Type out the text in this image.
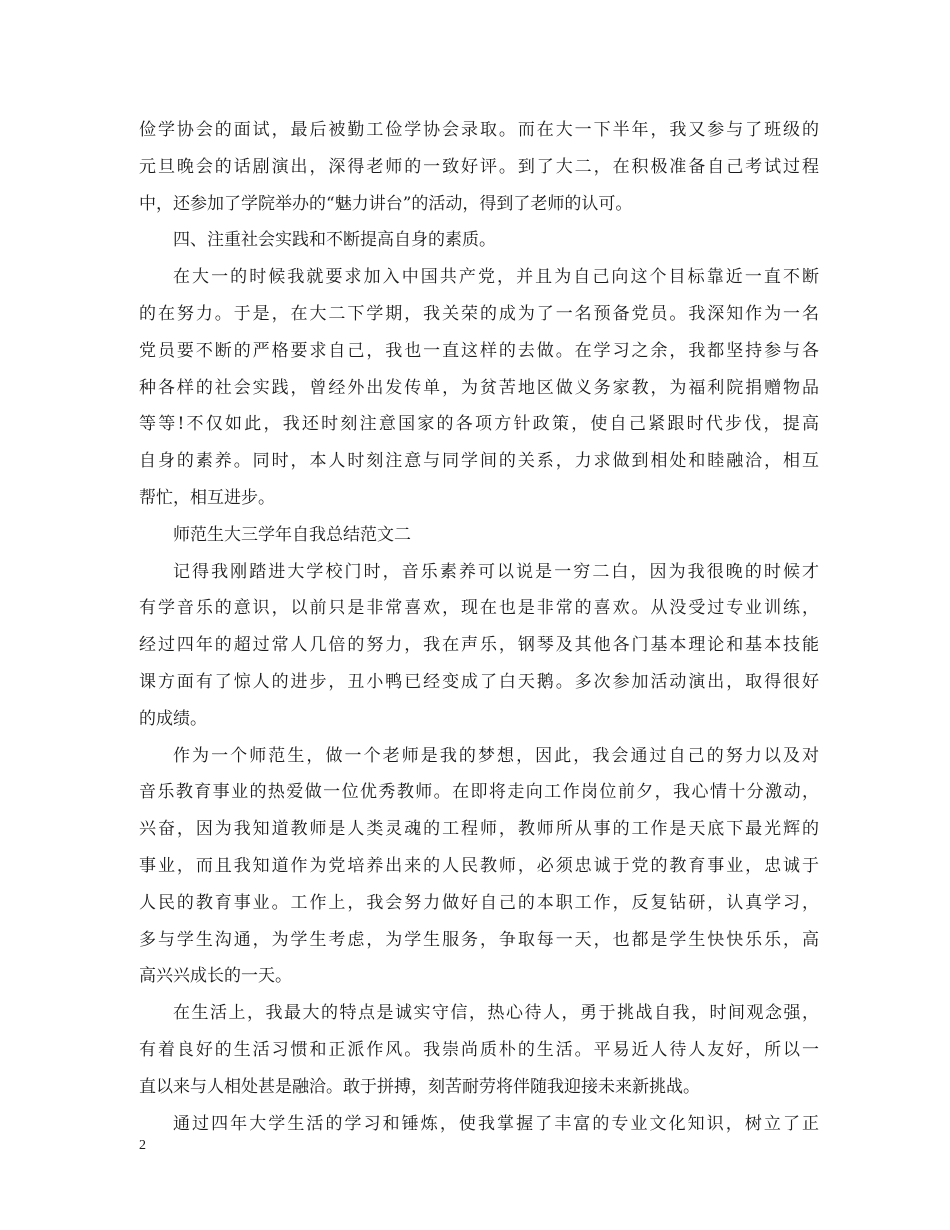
俭学协会的面试，最后被勤工俭学协会录取。而在大一下半年，我又参与了班级的
元旦晚会的话剧演出，深得老师的一致好评。到了大二，在积极准备自己考试过程
中，还参加了学院举办的“魅力讲台”的活动，得到了老师的认可。
四、注重社会实践和不断提高自身的素质。
在大一的时候我就要求加入中国共产党，并且为自己向这个目标靠近一直不断
的在努力。于是，在大二下学期，我关荣的成为了一名预备党员。我深知作为一名
党员要不断的严格要求自己，我也一直这样的去做。在学习之余，我都坚持参与各
种各样的社会实践，曾经外出发传单，为贫苦地区做义务家教，为福利院捐赠物品
等等!不仅如此，我还时刻注意国家的各项方针政策，使自己紧跟时代步伐，提高
自身的素养。同时，本人时刻注意与同学间的关系，力求做到相处和睦融洽，相互
帮忙，相互进步。
师范生大三学年自我总结范文二
记得我刚踏进大学校门时，音乐素养可以说是一穷二白，因为我很晚的时候才
有学音乐的意识，以前只是非常喜欢，现在也是非常的喜欢。从没受过专业训练，
经过四年的超过常人几倍的努力，我在声乐，钢琴及其他各门基本理论和基本技能
课方面有了惊人的进步，丑小鸭已经变成了白天鹅。多次参加活动演出，取得很好
的成绩。
作为一个师范生，做一个老师是我的梦想，因此，我会通过自己的努力以及对
音乐教育事业的热爱做一位优秀教师。在即将走向工作岗位前夕，我心情十分激动，
兴奋，因为我知道教师是人类灵魂的工程师，教师所从事的工作是天底下最光辉的
事业，而且我知道作为党培养出来的人民教师，必须忠诚于党的教育事业，忠诚于
人民的教育事业。工作上，我会努力做好自己的本职工作，反复钻研，认真学习，
多与学生沟通，为学生考虑，为学生服务，争取每一天，也都是学生快快乐乐，高
高兴兴成长的一天。
在生活上，我最大的特点是诚实守信，热心待人，勇于挑战自我，时间观念强，
有着良好的生活习惯和正派作风。我崇尚质朴的生活。平易近人待人友好，所以一
直以来与人相处甚是融洽。敢于拼搏，刻苦耐劳将伴随我迎接未来新挑战。
通过四年大学生活的学习和锤炼，使我掌握了丰富的专业文化知识，树立了正
2
